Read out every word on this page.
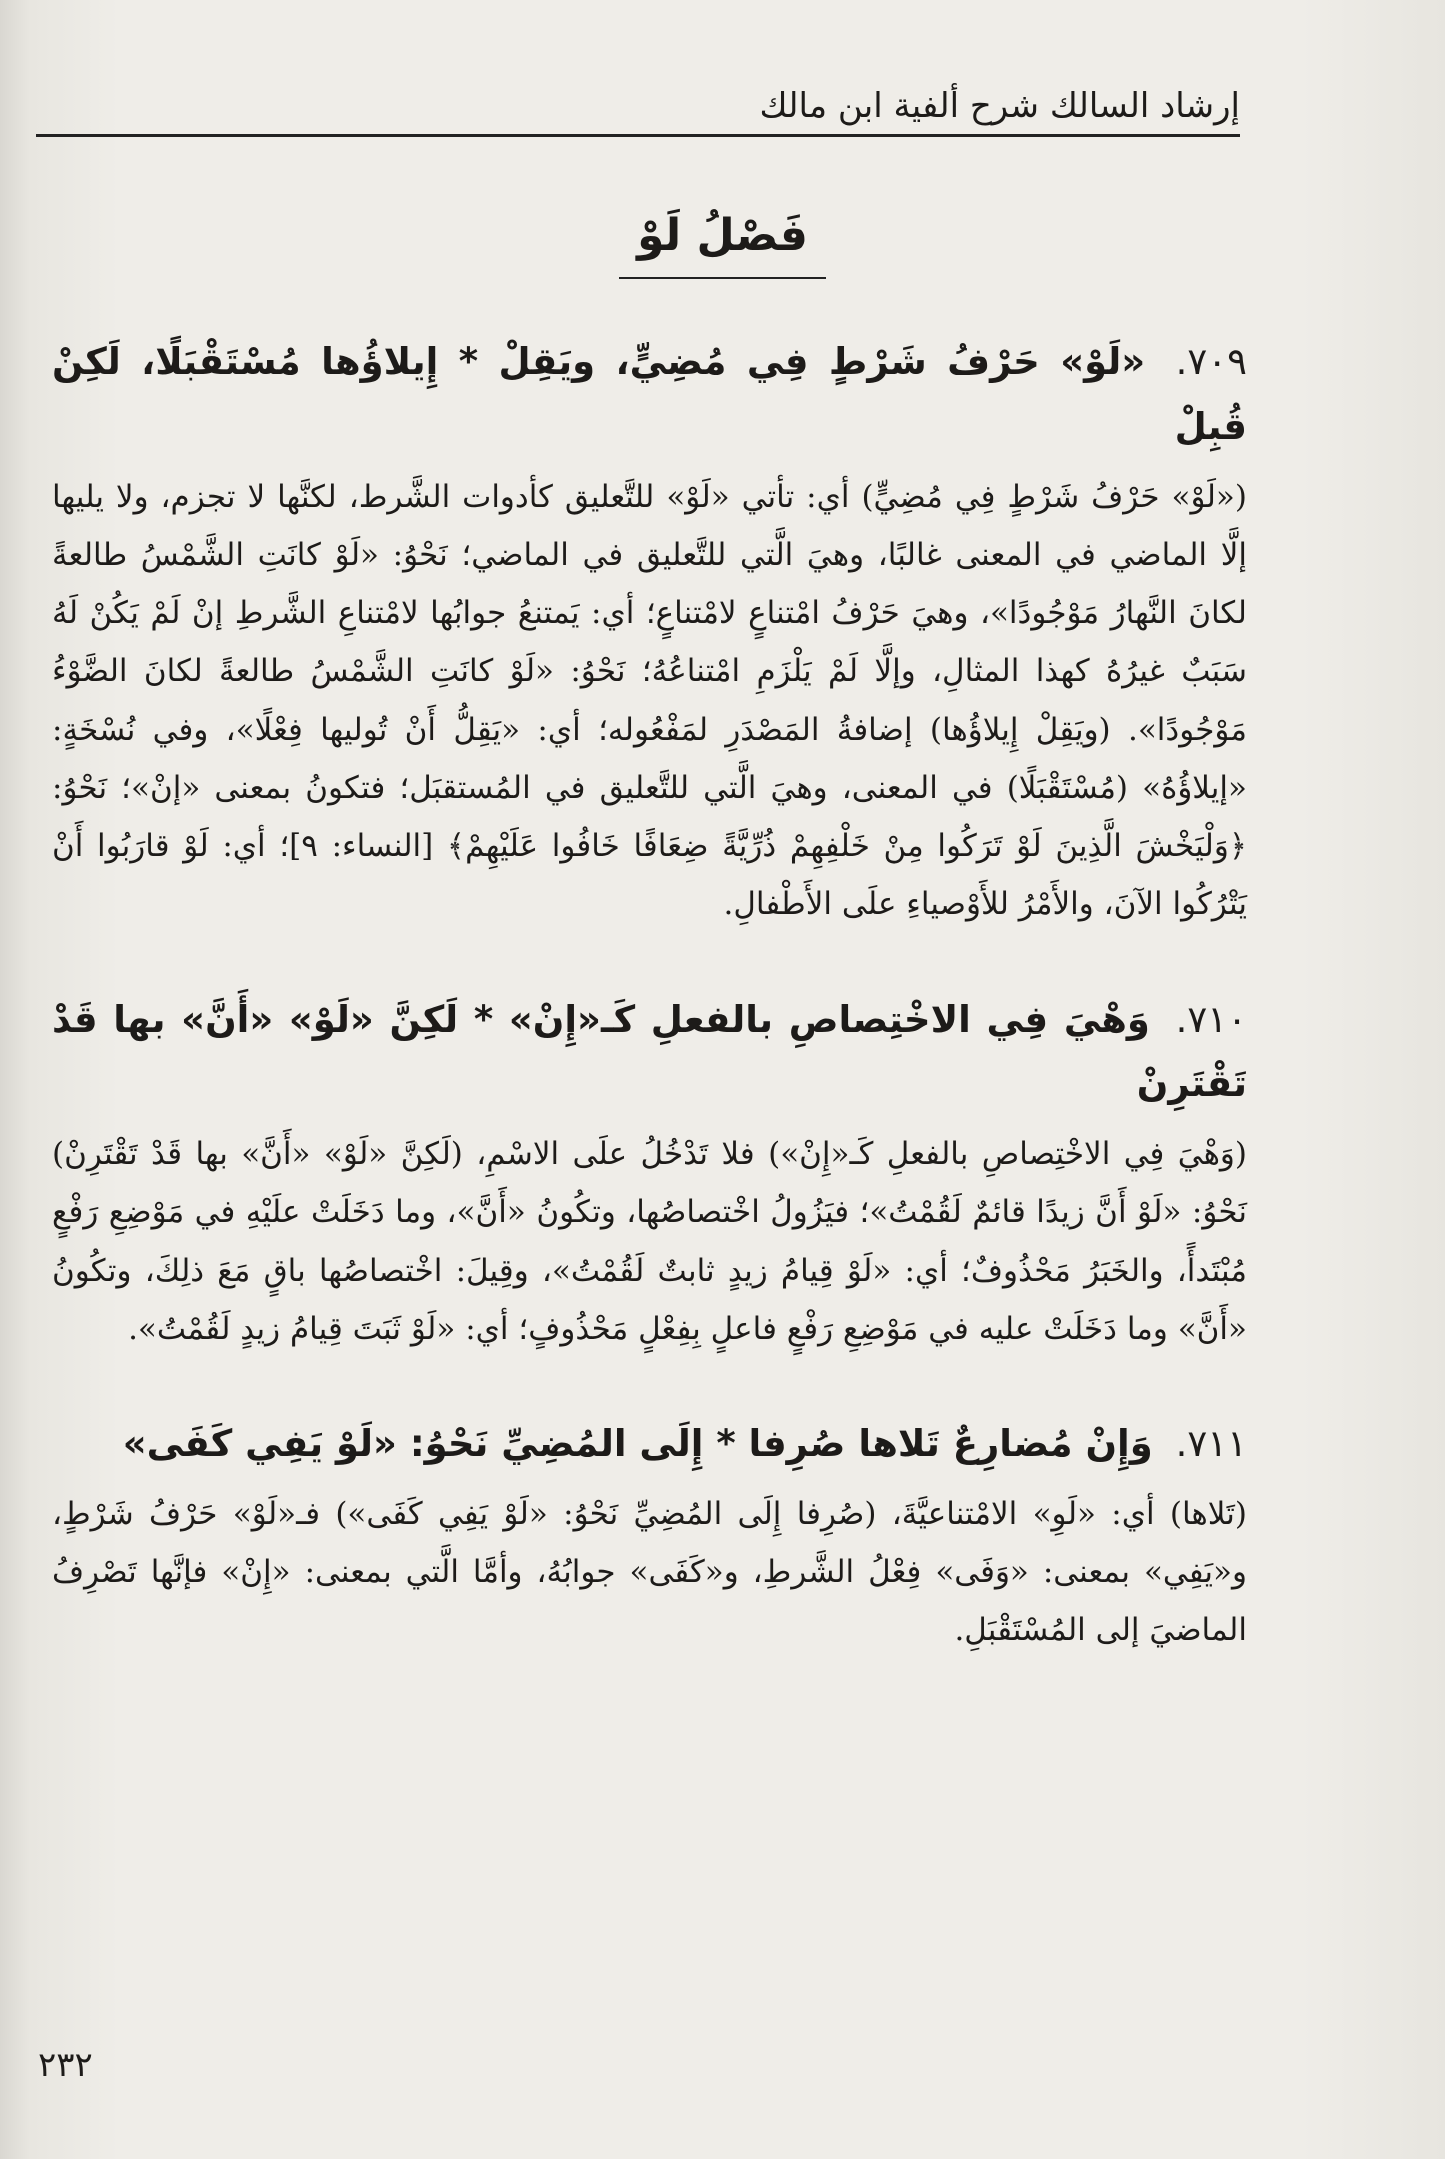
إرشاد السالك شرح ألفية ابن مالك
فَصْلُ لَوْ
٧٠٩. «لَوْ» حَرْفُ شَرْطٍ فِي مُضِيٍّ، ويَقِلْ * إِيلاؤُها مُسْتَقْبَلًا، لَكِنْ قُبِلْ
(«لَوْ» حَرْفُ شَرْطٍ فِي مُضِيٍّ) أي: تأتي «لَوْ» للتَّعليق كأدوات الشَّرط، لكنَّها لا تجزم، ولا يليها إلَّا الماضي في المعنى غالبًا، وهيَ الَّتي للتَّعليق في الماضي؛ نَحْوُ: «لَوْ كانَتِ الشَّمْسُ طالعةً لكانَ النَّهارُ مَوْجُودًا»، وهيَ حَرْفُ امْتناعٍ لامْتناعٍ؛ أي: يَمتنعُ جوابُها لامْتناعِ الشَّرطِ إنْ لَمْ يَكُنْ لَهُ سَبَبٌ غيرُهُ كهذا المثالِ، وإلَّا لَمْ يَلْزَمِ امْتناعُهُ؛ نَحْوُ: «لَوْ كانَتِ الشَّمْسُ طالعةً لكانَ الضَّوْءُ مَوْجُودًا». (ويَقِلْ إِيلاؤُها) إضافةُ المَصْدَرِ لمَفْعُوله؛ أي: «يَقِلُّ أَنْ تُوليها فِعْلًا»، وفي نُسْخَةٍ: «إيلاؤُهُ» (مُسْتَقْبَلًا) في المعنى، وهيَ الَّتي للتَّعليق في المُستقبَل؛ فتكونُ بمعنى «إنْ»؛ نَحْوُ: ﴿وَلْيَخْشَ الَّذِينَ لَوْ تَرَكُوا مِنْ خَلْفِهِمْ ذُرِّيَّةً ضِعَافًا خَافُوا عَلَيْهِمْ﴾ [النساء: ٩]؛ أي: لَوْ قارَبُوا أَنْ يَتْرُكُوا الآنَ، والأَمْرُ للأَوْصياءِ علَى الأَطْفالِ.
٧١٠. وَهْيَ فِي الاخْتِصاصِ بالفعلِ كَـ«إِنْ» * لَكِنَّ «لَوْ» «أَنَّ» بها قَدْ تَقْتَرِنْ
(وَهْيَ فِي الاخْتِصاصِ بالفعلِ كَـ«إِنْ») فلا تَدْخُلُ علَى الاسْمِ، (لَكِنَّ «لَوْ» «أَنَّ» بها قَدْ تَقْتَرِنْ) نَحْوُ: «لَوْ أَنَّ زيدًا قائمٌ لَقُمْتُ»؛ فيَزُولُ اخْتصاصُها، وتكُونُ «أَنَّ»، وما دَخَلَتْ علَيْهِ في مَوْضِعِ رَفْعٍ مُبْتَدأً، والخَبَرُ مَحْذُوفٌ؛ أي: «لَوْ قِيامُ زيدٍ ثابتٌ لَقُمْتُ»، وقِيلَ: اخْتصاصُها باقٍ مَعَ ذلِكَ، وتكُونُ «أَنَّ» وما دَخَلَتْ عليه في مَوْضِعِ رَفْعٍ فاعلٍ بِفِعْلٍ مَحْذُوفٍ؛ أي: «لَوْ ثَبَتَ قِيامُ زيدٍ لَقُمْتُ».
٧١١. وَإِنْ مُضارِعٌ تَلاها صُرِفا * إِلَى المُضِيِّ نَحْوُ: «لَوْ يَفِي كَفَى»
(تَلاها) أي: «لَوِ» الامْتناعيَّةَ، (صُرِفا إِلَى المُضِيِّ نَحْوُ: «لَوْ يَفِي كَفَى») فـ«لَوْ» حَرْفُ شَرْطٍ، و«يَفِي» بمعنى: «وَفَى» فِعْلُ الشَّرطِ، و«كَفَى» جوابُهُ، وأمَّا الَّتي بمعنى: «إِنْ» فإنَّها تَصْرِفُ الماضيَ إلى المُسْتَقْبَلِ.
٢٣٢
